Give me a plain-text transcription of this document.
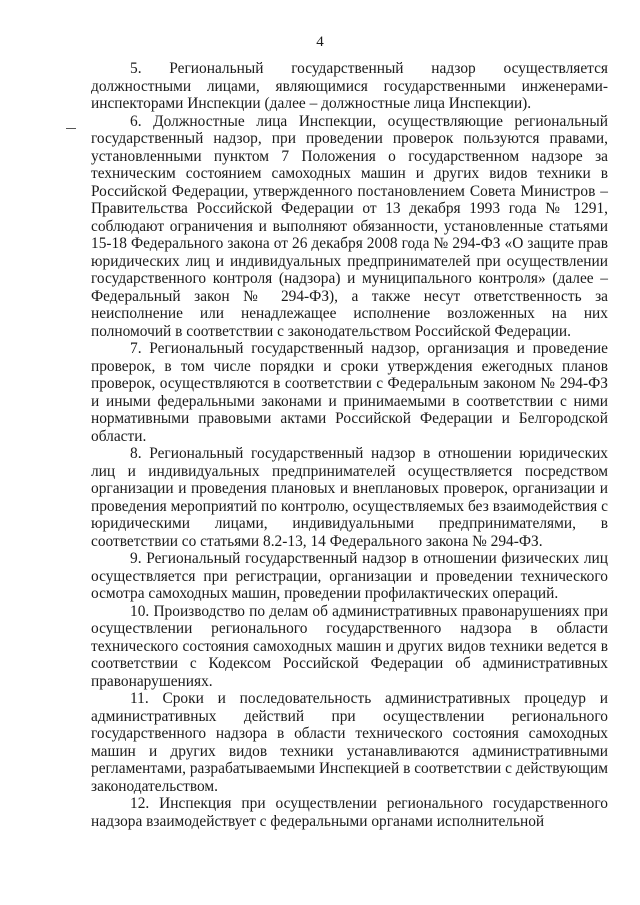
4

5. Региональный государственный надзор осуществляется должностными лицами, являющимися государственными инженерами-инспекторами Инспекции (далее – должностные лица Инспекции).

6. Должностные лица Инспекции, осуществляющие региональный государственный надзор, при проведении проверок пользуются правами, установленными пунктом 7 Положения о государственном надзоре за техническим состоянием самоходных машин и других видов техники в Российской Федерации, утвержденного постановлением Совета Министров – Правительства Российской Федерации от 13 декабря 1993 года № 1291, соблюдают ограничения и выполняют обязанности, установленные статьями 15-18 Федерального закона от 26 декабря 2008 года № 294-ФЗ «О защите прав юридических лиц и индивидуальных предпринимателей при осуществлении государственного контроля (надзора) и муниципального контроля» (далее – Федеральный закон № 294-ФЗ), а также несут ответственность за неисполнение или ненадлежащее исполнение возложенных на них полномочий в соответствии с законодательством Российской Федерации.

7. Региональный государственный надзор, организация и проведение проверок, в том числе порядки и сроки утверждения ежегодных планов проверок, осуществляются в соответствии с Федеральным законом № 294-ФЗ и иными федеральными законами и принимаемыми в соответствии с ними нормативными правовыми актами Российской Федерации и Белгородской области.

8. Региональный государственный надзор в отношении юридических лиц и индивидуальных предпринимателей осуществляется посредством организации и проведения плановых и внеплановых проверок, организации и проведения мероприятий по контролю, осуществляемых без взаимодействия с юридическими лицами, индивидуальными предпринимателями, в соответствии со статьями 8.2-13, 14 Федерального закона № 294-ФЗ.

9. Региональный государственный надзор в отношении физических лиц осуществляется при регистрации, организации и проведении технического осмотра самоходных машин, проведении профилактических операций.

10. Производство по делам об административных правонарушениях при осуществлении регионального государственного надзора в области технического состояния самоходных машин и других видов техники ведется в соответствии с Кодексом Российской Федерации об административных правонарушениях.

11. Сроки и последовательность административных процедур и административных действий при осуществлении регионального государственного надзора в области технического состояния самоходных машин и других видов техники устанавливаются административными регламентами, разрабатываемыми Инспекцией в соответствии с действующим законодательством.

12. Инспекция при осуществлении регионального государственного надзора взаимодействует с федеральными органами исполнительной
